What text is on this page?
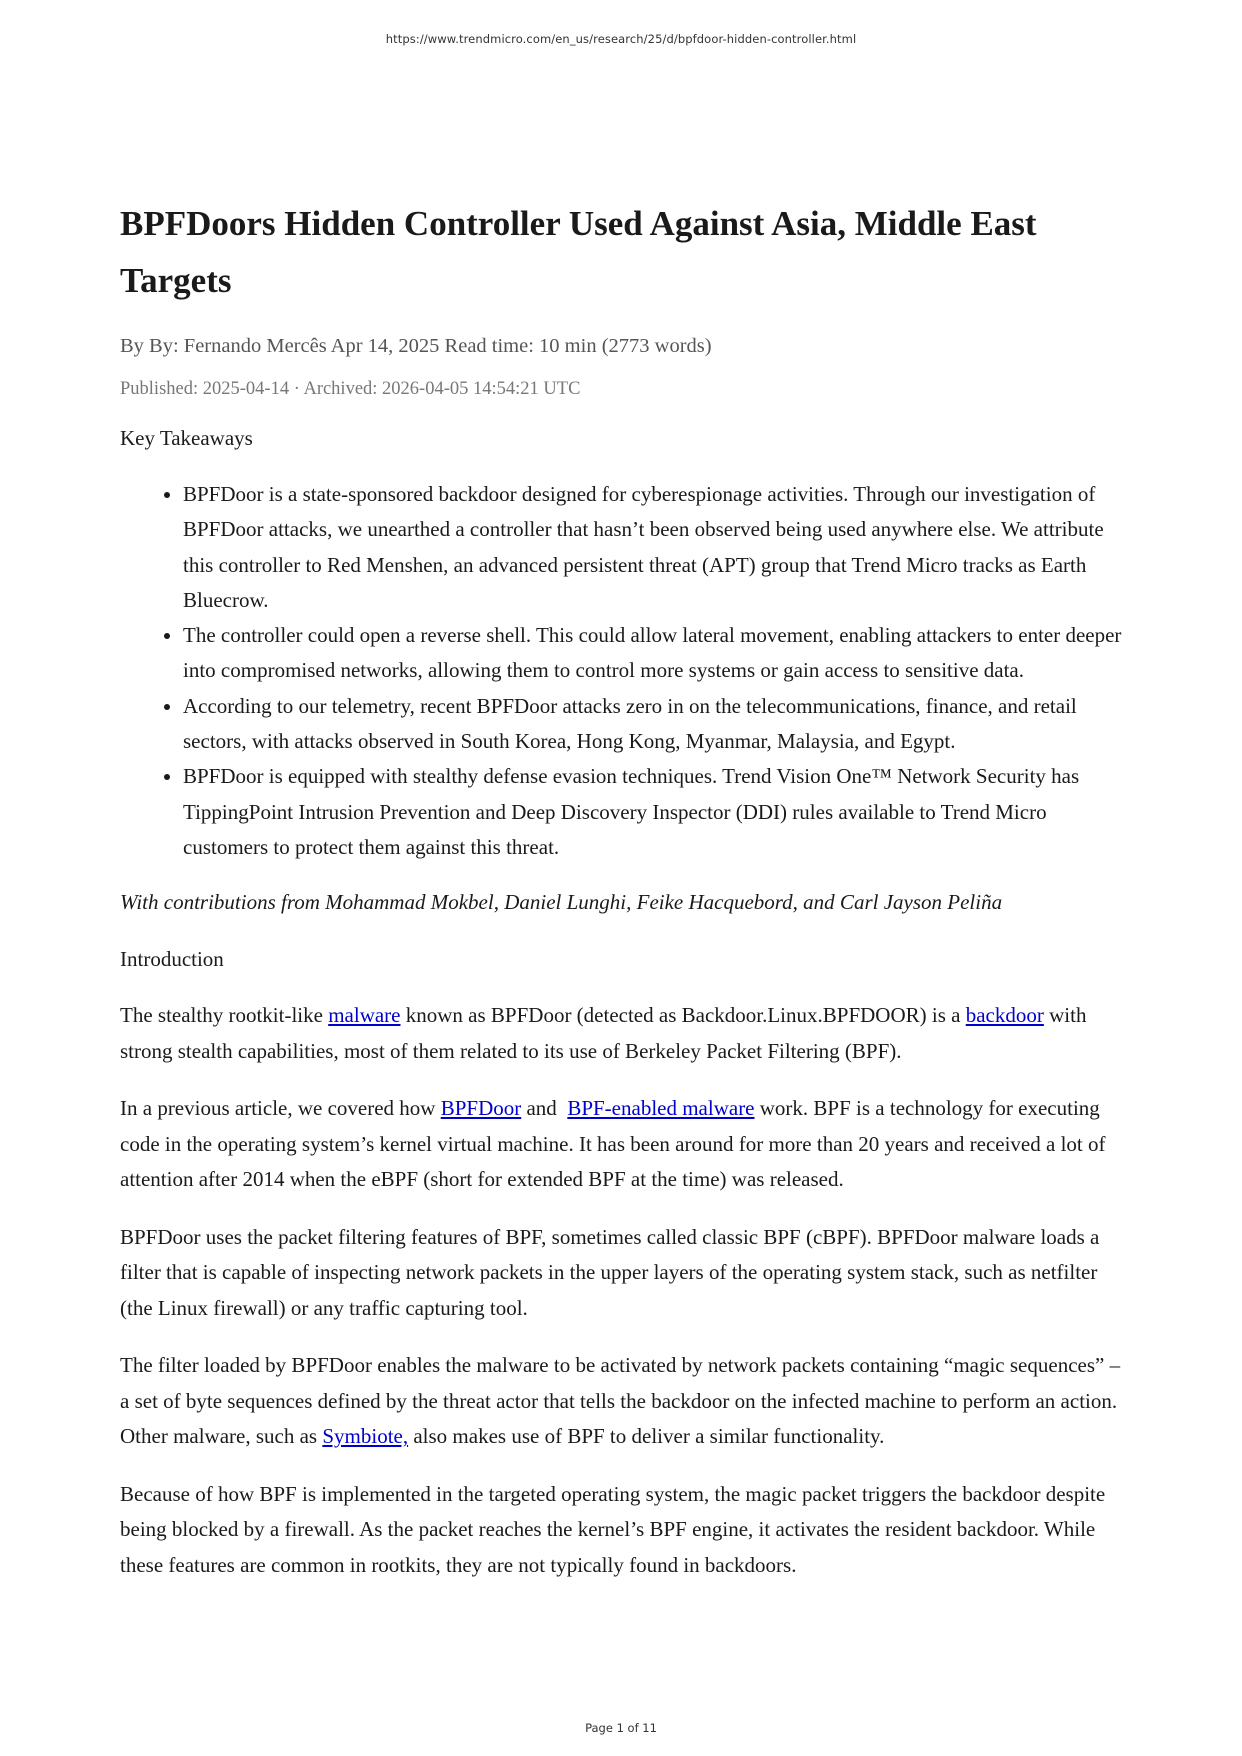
https://www.trendmicro.com/en_us/research/25/d/bpfdoor-hidden-controller.html
BPFDoors Hidden Controller Used Against Asia, Middle East Targets
By By: Fernando Mercês Apr 14, 2025 Read time: 10 min (2773 words)
Published: 2025-04-14 · Archived: 2026-04-05 14:54:21 UTC
Key Takeaways
• BPFDoor is a state-sponsored backdoor designed for cyberespionage activities. Through our investigation of BPFDoor attacks, we unearthed a controller that hasn’t been observed being used anywhere else. We attribute this controller to Red Menshen, an advanced persistent threat (APT) group that Trend Micro tracks as Earth Bluecrow.
• The controller could open a reverse shell. This could allow lateral movement, enabling attackers to enter deeper into compromised networks, allowing them to control more systems or gain access to sensitive data.
• According to our telemetry, recent BPFDoor attacks zero in on the telecommunications, finance, and retail sectors, with attacks observed in South Korea, Hong Kong, Myanmar, Malaysia, and Egypt.
• BPFDoor is equipped with stealthy defense evasion techniques. Trend Vision One™ Network Security has TippingPoint Intrusion Prevention and Deep Discovery Inspector (DDI) rules available to Trend Micro customers to protect them against this threat.
With contributions from Mohammad Mokbel, Daniel Lunghi, Feike Hacquebord, and Carl Jayson Peliña
Introduction

The stealthy rootkit-like malware known as BPFDoor (detected as Backdoor.Linux.BPFDOOR) is a backdoor with strong stealth capabilities, most of them related to its use of Berkeley Packet Filtering (BPF).

In a previous article, we covered how BPFDoor and  BPF-enabled malware work. BPF is a technology for executing code in the operating system’s kernel virtual machine. It has been around for more than 20 years and received a lot of attention after 2014 when the eBPF (short for extended BPF at the time) was released.

BPFDoor uses the packet filtering features of BPF, sometimes called classic BPF (cBPF). BPFDoor malware loads a filter that is capable of inspecting network packets in the upper layers of the operating system stack, such as netfilter (the Linux firewall) or any traffic capturing tool.

The filter loaded by BPFDoor enables the malware to be activated by network packets containing “magic sequences” – a set of byte sequences defined by the threat actor that tells the backdoor on the infected machine to perform an action. Other malware, such as Symbiote, also makes use of BPF to deliver a similar functionality.

Because of how BPF is implemented in the targeted operating system, the magic packet triggers the backdoor despite being blocked by a firewall. As the packet reaches the kernel’s BPF engine, it activates the resident backdoor. While these features are common in rootkits, they are not typically found in backdoors.

Page 1 of 11
